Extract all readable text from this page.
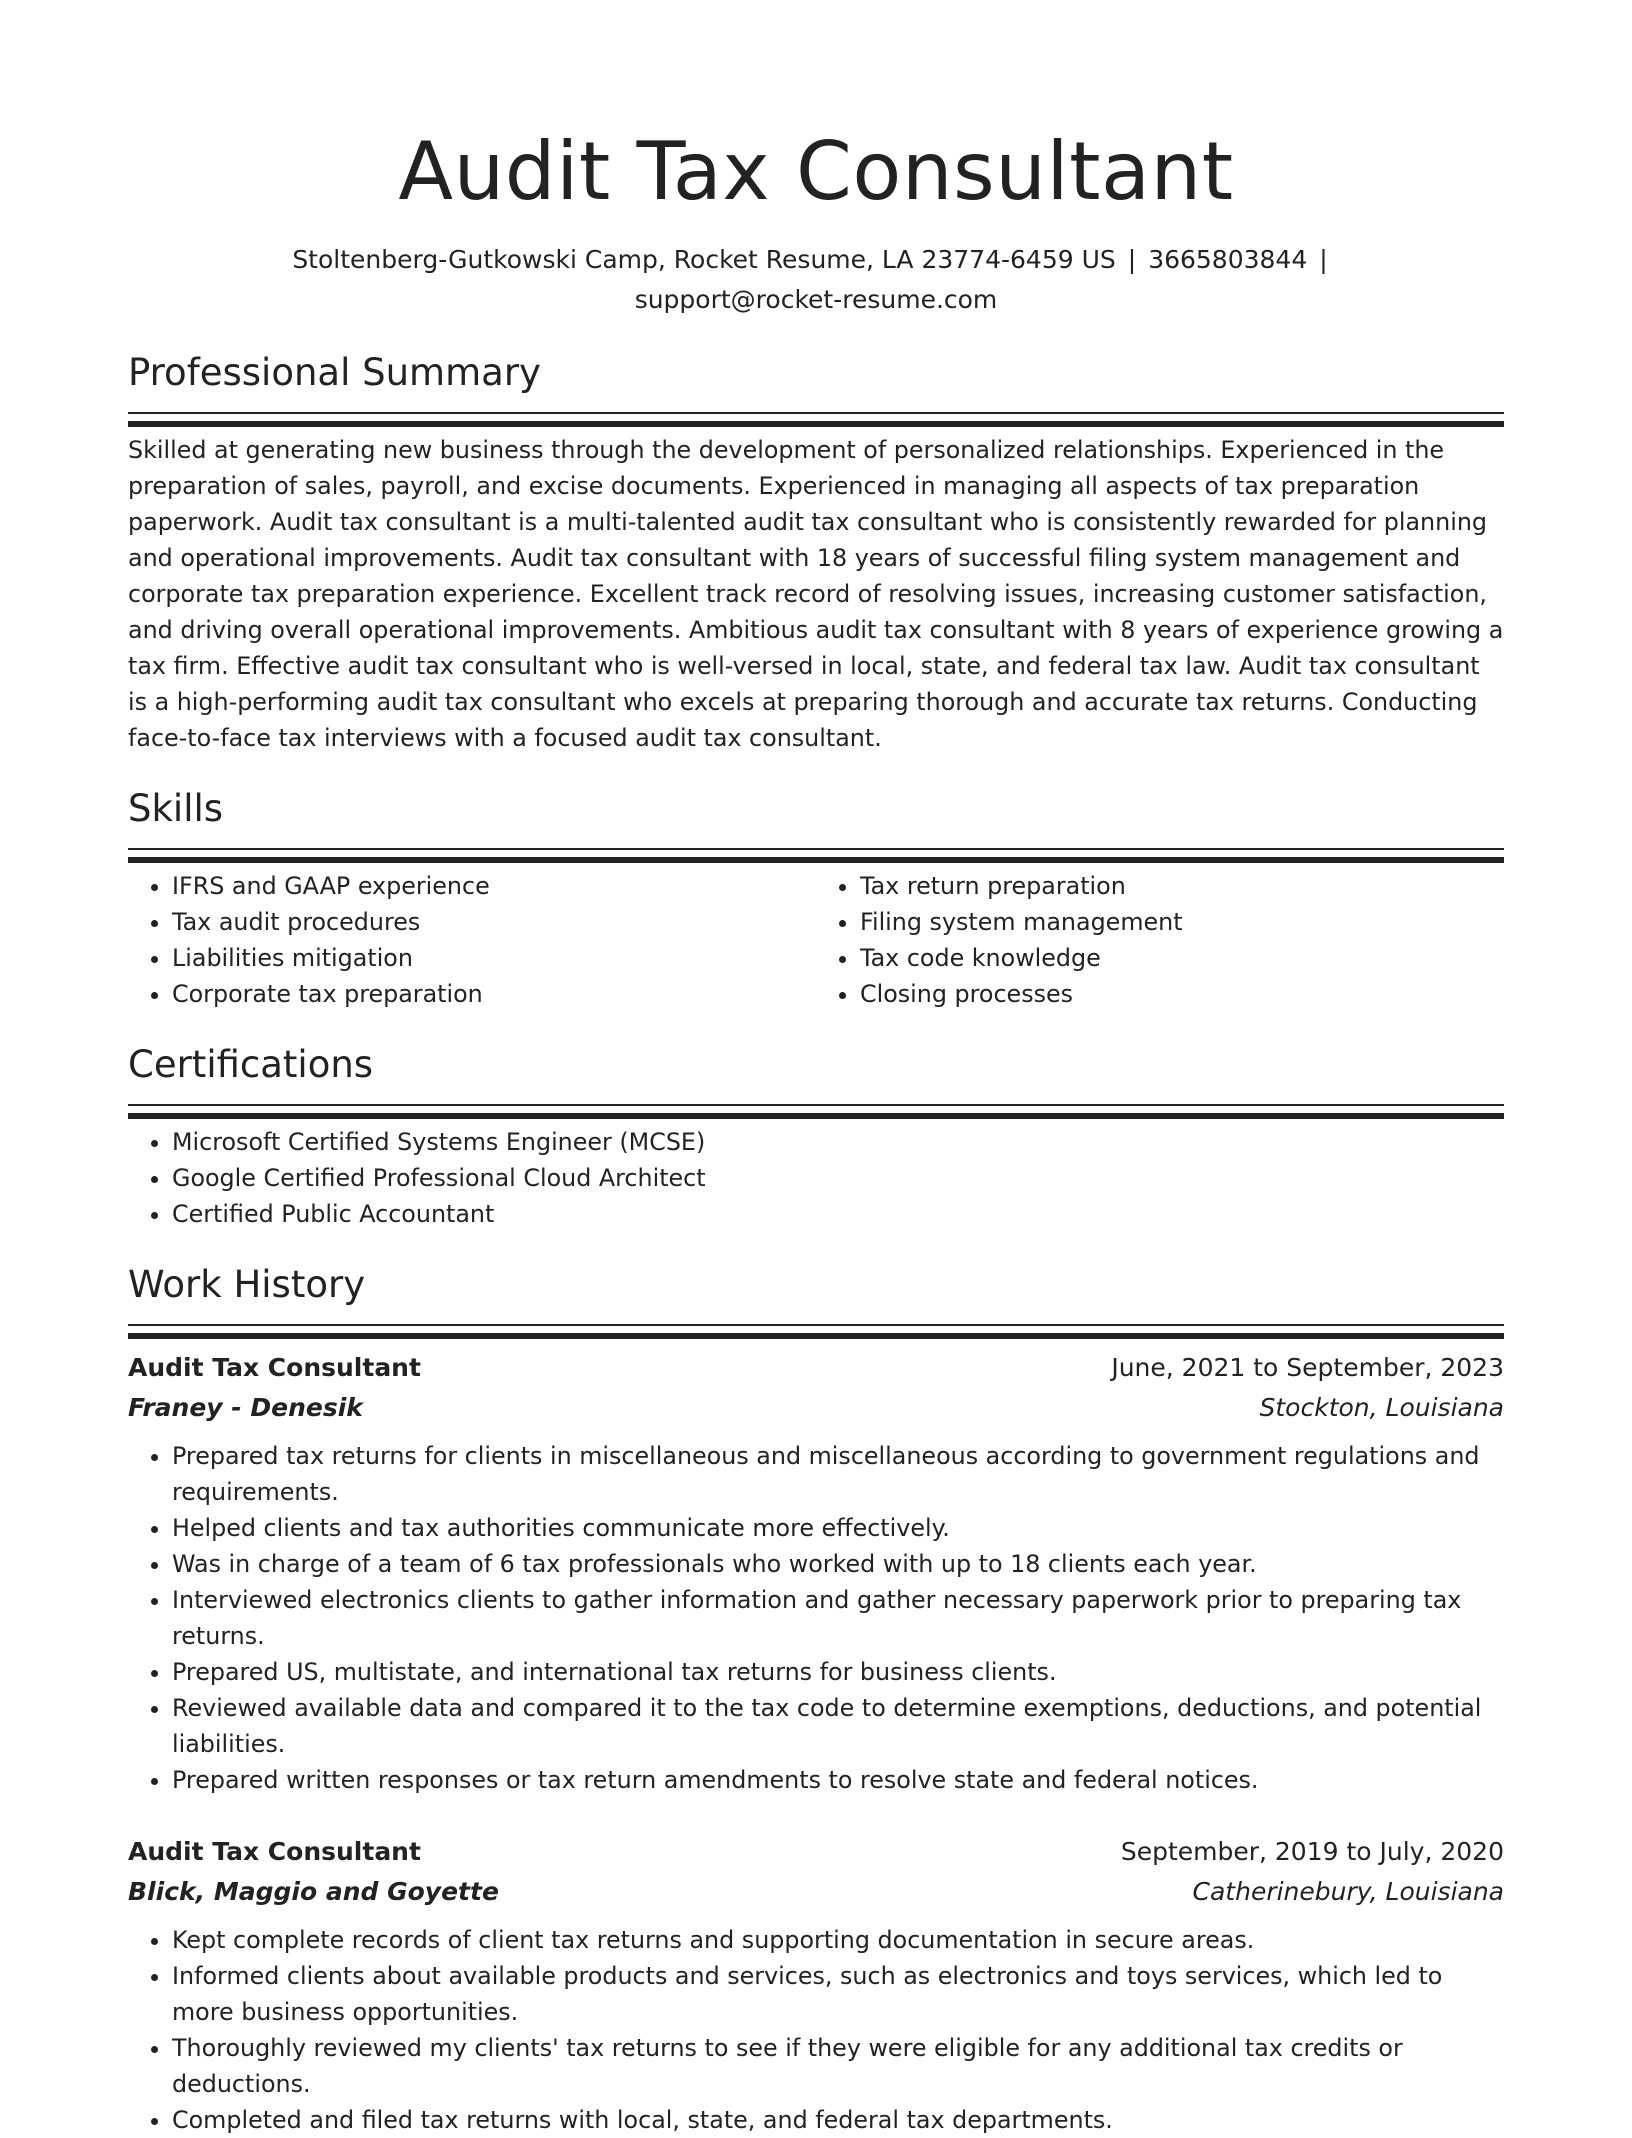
Audit Tax Consultant
Stoltenberg-Gutkowski Camp, Rocket Resume, LA 23774-6459 US | 3665803844 |
support@rocket-resume.com
Professional Summary
Skilled at generating new business through the development of personalized relationships. Experienced in the preparation of sales, payroll, and excise documents. Experienced in managing all aspects of tax preparation paperwork. Audit tax consultant is a multi-talented audit tax consultant who is consistently rewarded for planning and operational improvements. Audit tax consultant with 18 years of successful filing system management and corporate tax preparation experience. Excellent track record of resolving issues, increasing customer satisfaction, and driving overall operational improvements. Ambitious audit tax consultant with 8 years of experience growing a tax firm. Effective audit tax consultant who is well-versed in local, state, and federal tax law. Audit tax consultant is a high-performing audit tax consultant who excels at preparing thorough and accurate tax returns. Conducting face-to-face tax interviews with a focused audit tax consultant.
Skills
• IFRS and GAAP experience
• Tax audit procedures
• Liabilities mitigation
• Corporate tax preparation
• Tax return preparation
• Filing system management
• Tax code knowledge
• Closing processes
Certifications
• Microsoft Certified Systems Engineer (MCSE)
• Google Certified Professional Cloud Architect
• Certified Public Accountant
Work History
Audit Tax Consultant	June, 2021 to September, 2023
Franey - Denesik	Stockton, Louisiana
• Prepared tax returns for clients in miscellaneous and miscellaneous according to government regulations and requirements.
• Helped clients and tax authorities communicate more effectively.
• Was in charge of a team of 6 tax professionals who worked with up to 18 clients each year.
• Interviewed electronics clients to gather information and gather necessary paperwork prior to preparing tax returns.
• Prepared US, multistate, and international tax returns for business clients.
• Reviewed available data and compared it to the tax code to determine exemptions, deductions, and potential liabilities.
• Prepared written responses or tax return amendments to resolve state and federal notices.
Audit Tax Consultant	September, 2019 to July, 2020
Blick, Maggio and Goyette	Catherinebury, Louisiana
• Kept complete records of client tax returns and supporting documentation in secure areas.
• Informed clients about available products and services, such as electronics and toys services, which led to more business opportunities.
• Thoroughly reviewed my clients' tax returns to see if they were eligible for any additional tax credits or deductions.
• Completed and filed tax returns with local, state, and federal tax departments.
